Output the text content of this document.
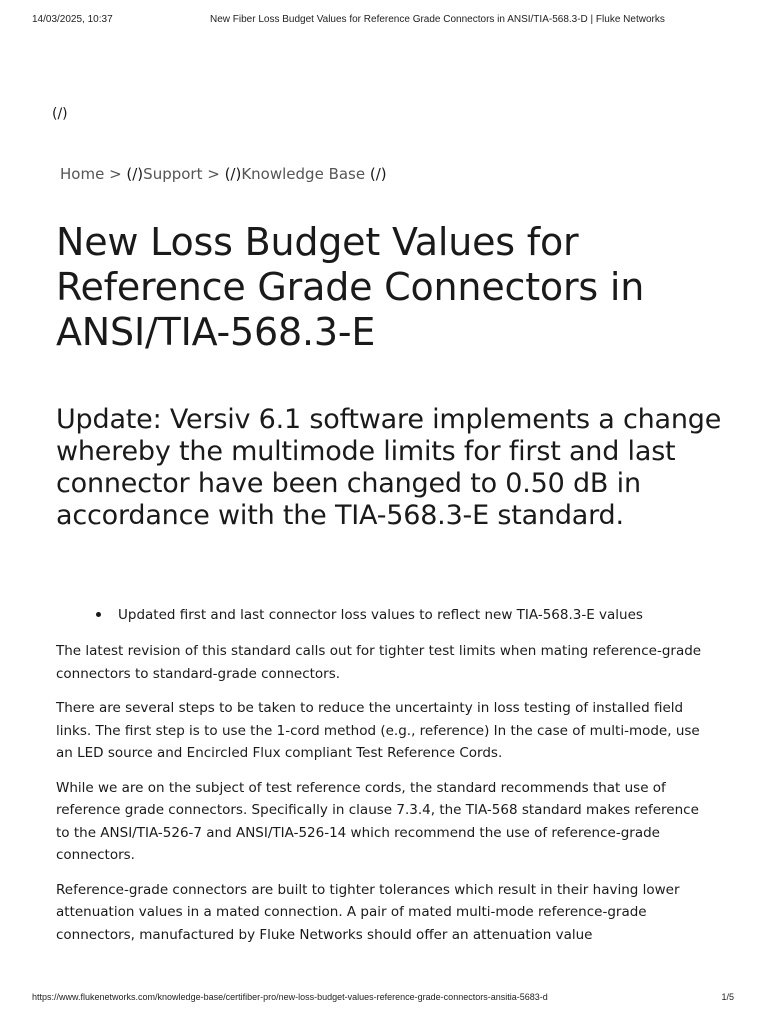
14/03/2025, 10:37	New Fiber Loss Budget Values for Reference Grade Connectors in ANSI/TIA-568.3-D | Fluke Networks
(/)
Home > (/)Support > (/)Knowledge Base (/)
New Loss Budget Values for Reference Grade Connectors in ANSI/TIA-568.3-E
Update: Versiv 6.1 software implements a change whereby the multimode limits for first and last connector have been changed to 0.50 dB in accordance with the TIA-568.3-E standard.
Updated first and last connector loss values to reflect new TIA-568.3-E values

The latest revision of this standard calls out for tighter test limits when mating reference-grade connectors to standard-grade connectors.

There are several steps to be taken to reduce the uncertainty in loss testing of installed field links. The first step is to use the 1-cord method (e.g., reference) In the case of multi-mode, use an LED source and Encircled Flux compliant Test Reference Cords.

While we are on the subject of test reference cords, the standard recommends that use of reference grade connectors. Specifically in clause 7.3.4, the TIA-568 standard makes reference to the ANSI/TIA-526-7 and ANSI/TIA-526-14 which recommend the use of reference-grade connectors.

Reference-grade connectors are built to tighter tolerances which result in their having lower attenuation values in a mated connection. A pair of mated multi-mode reference-grade connectors, manufactured by Fluke Networks should offer an attenuation value

https://www.flukenetworks.com/knowledge-base/certifiber-pro/new-loss-budget-values-reference-grade-connectors-ansitia-5683-d	1/5
